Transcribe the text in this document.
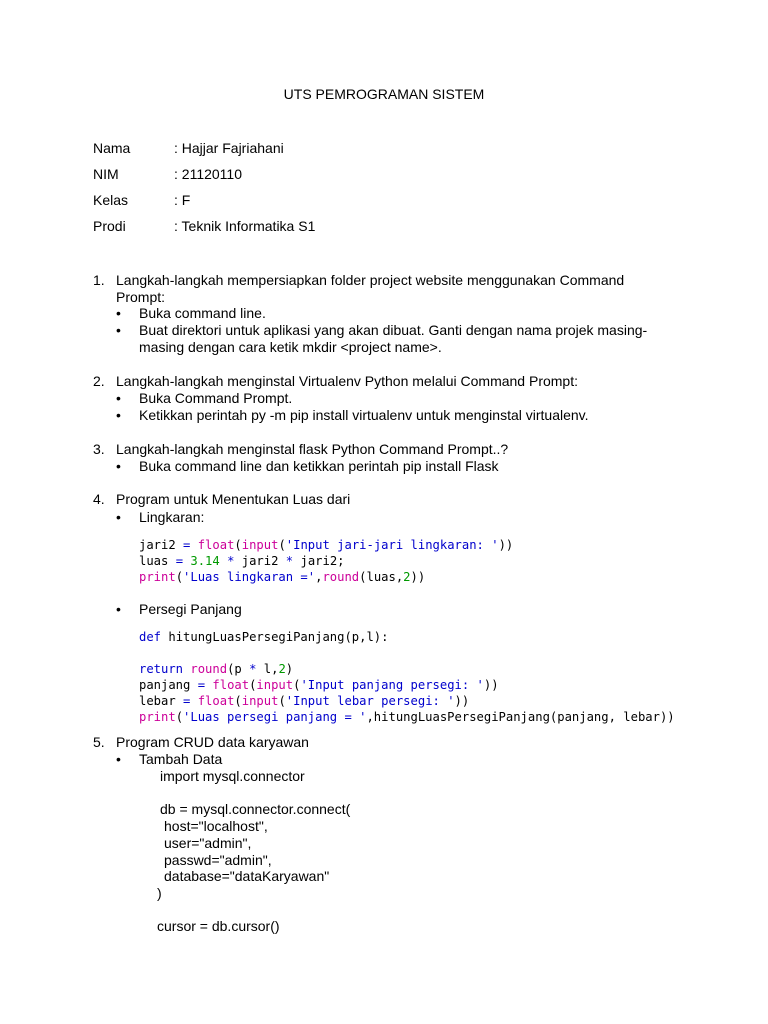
UTS PEMROGRAMAN SISTEM
Nama	: Hajjar Fajriahani
NIM	: 21120110
Kelas	: F
Prodi	: Teknik Informatika S1
1. Langkah-langkah mempersiapkan folder project website menggunakan Command Prompt:
• Buka command line.
• Buat direktori untuk aplikasi yang akan dibuat. Ganti dengan nama projek masing-masing dengan cara ketik mkdir <project name>.
2. Langkah-langkah menginstal Virtualenv Python melalui Command Prompt:
• Buka Command Prompt.
• Ketikkan perintah py -m pip install virtualenv untuk menginstal virtualenv.
3. Langkah-langkah menginstal flask Python Command Prompt..?
• Buka command line dan ketikkan perintah pip install Flask
4. Program untuk Menentukan Luas dari
• Lingkaran:
jari2 = float(input('Input jari-jari lingkaran: '))
luas = 3.14 * jari2 * jari2;
print('Luas lingkaran =',round(luas,2))
• Persegi Panjang
def hitungLuasPersegiPanjang(p,l):

return round(p * l,2)
panjang = float(input('Input panjang persegi: '))
lebar = float(input('Input lebar persegi: '))
print('Luas persegi panjang = ',hitungLuasPersegiPanjang(panjang, lebar))
5. Program CRUD data karyawan
• Tambah Data
import mysql.connector
db = mysql.connector.connect(
host="localhost",
user="admin",
passwd="admin",
database="dataKaryawan"
)
cursor = db.cursor()
